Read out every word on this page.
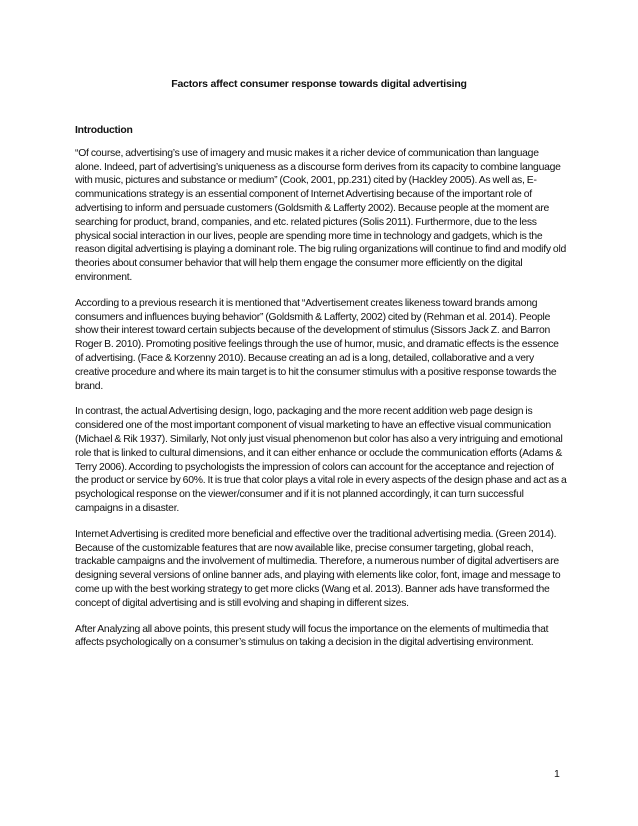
Factors affect consumer response towards digital advertising

Introduction

“Of course, advertising’s use of imagery and music makes it a richer device of communication than language alone. Indeed, part of advertising’s uniqueness as a discourse form derives from its capacity to combine language with music, pictures and substance or medium” (Cook, 2001, pp.231) cited by (Hackley 2005). As well as, E-communications strategy is an essential component of Internet Advertising because of the important role of advertising to inform and persuade customers (Goldsmith & Lafferty 2002). Because people at the moment are searching for product, brand, companies, and etc. related pictures (Solis 2011). Furthermore, due to the less physical social interaction in our lives, people are spending more time in technology and gadgets, which is the reason digital advertising is playing a dominant role. The big ruling organizations will continue to find and modify old theories about consumer behavior that will help them engage the consumer more efficiently on the digital environment.

According to a previous research it is mentioned that “Advertisement creates likeness toward brands among consumers and influences buying behavior” (Goldsmith & Lafferty, 2002) cited by (Rehman et al. 2014). People show their interest toward certain subjects because of the development of stimulus (Sissors Jack Z. and Barron Roger B. 2010). Promoting positive feelings through the use of humor, music, and dramatic effects is the essence of advertising. (Face & Korzenny 2010). Because creating an ad is a long, detailed, collaborative and a very creative procedure and where its main target is to hit the consumer stimulus with a positive response towards the brand.

In contrast, the actual Advertising design, logo, packaging and the more recent addition web page design is considered one of the most important component of visual marketing to have an effective visual communication (Michael & Rik 1937). Similarly, Not only just visual phenomenon but color has also a very intriguing and emotional role that is linked to cultural dimensions, and it can either enhance or occlude the communication efforts (Adams & Terry 2006). According to psychologists the impression of colors can account for the acceptance and rejection of the product or service by 60%. It is true that color plays a vital role in every aspects of the design phase and act as a psychological response on the viewer/consumer and if it is not planned accordingly, it can turn successful campaigns in a disaster.

Internet Advertising is credited more beneficial and effective over the traditional advertising media. (Green 2014). Because of the customizable features that are now available like, precise consumer targeting, global reach, trackable campaigns and the involvement of multimedia. Therefore, a numerous number of digital advertisers are designing several versions of online banner ads, and playing with elements like color, font, image and message to come up with the best working strategy to get more clicks (Wang et al. 2013). Banner ads have transformed the concept of digital advertising and is still evolving and shaping in different sizes.

After Analyzing all above points, this present study will focus the importance on the elements of multimedia that affects psychologically on a consumer’s stimulus on taking a decision in the digital advertising environment.

1
